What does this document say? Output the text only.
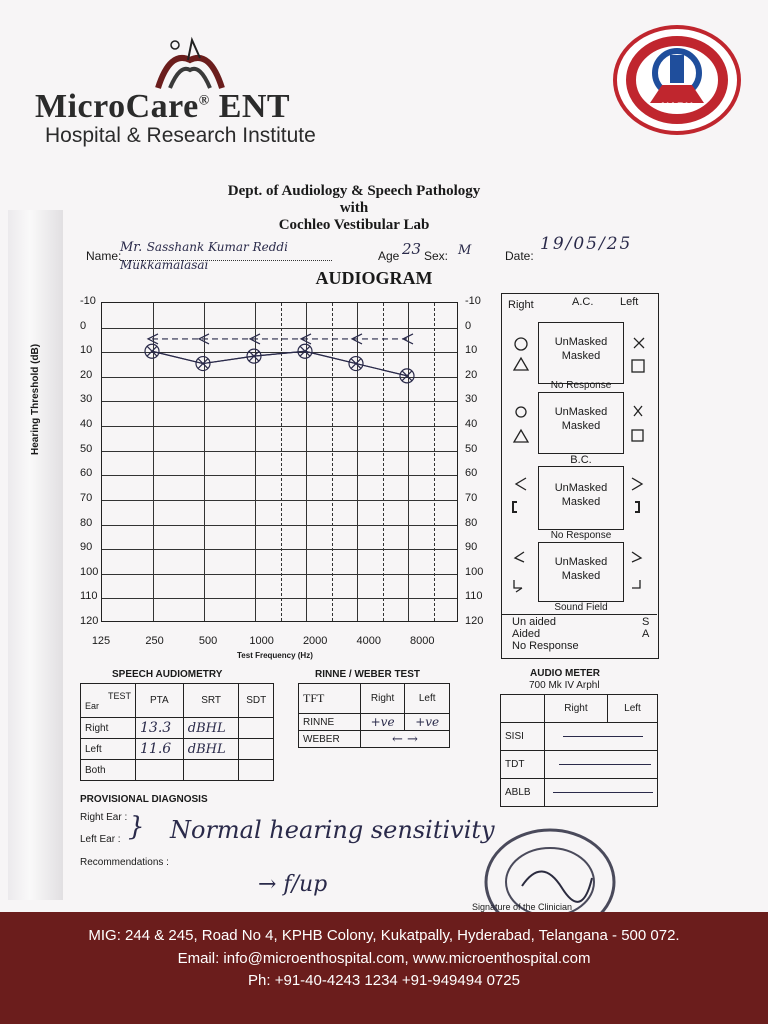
MicroCare® ENT
Hospital & Research Institute
NABH
Dept. of Audiology & Speech Pathology
with
Cochleo Vestibular Lab
Name:
Mr. Sasshank Kumar Reddi Mukkamalasai
Age 23 Sex: M	Date:
19/05/25
AUDIOGRAM
Hearing Threshold (dB)
Test Frequency (Hz)
Right	A.C. Left
UnMasked
Masked
No Response
UnMasked
Masked
B.C.
UnMasked
Masked
No Response
UnMasked
Masked
Sound Field
Un aided
Aided
No Response
S
A
SPEECH AUDIOMETRY
TEST
Ear	PTA	SRT	SDT
Right	13.3	dBHL	
Left	11.6	dBHL	
Both			
RINNE / WEBER TEST
TFT	Right	Left
RINNE	+ve	+ve
WEBER	← →	
AUDIO METER
700 Mk IV Arphl
	Right	Left
SISI		

TDT		

ABLB		
PROVISIONAL DIAGNOSIS
Right Ear :
Left Ear : } Normal hearing sensitivity
Recommendations :
→ f/up
Signature of the Clinician
MIG: 244 & 245, Road No 4, KPHB Colony, Kukatpally, Hyderabad, Telangana - 500 072.
Email: info@microenthospital.com, www.microenthospital.com
Ph: +91-40-4243 1234 +91-949494 0725
-10	-10
0	0
10	10
20	20
30	30
40	40
50	50
60	60
70	70
80	80
90	90
100	100
110	110
120	120
125	250	500	1000	2000	4000	8000
